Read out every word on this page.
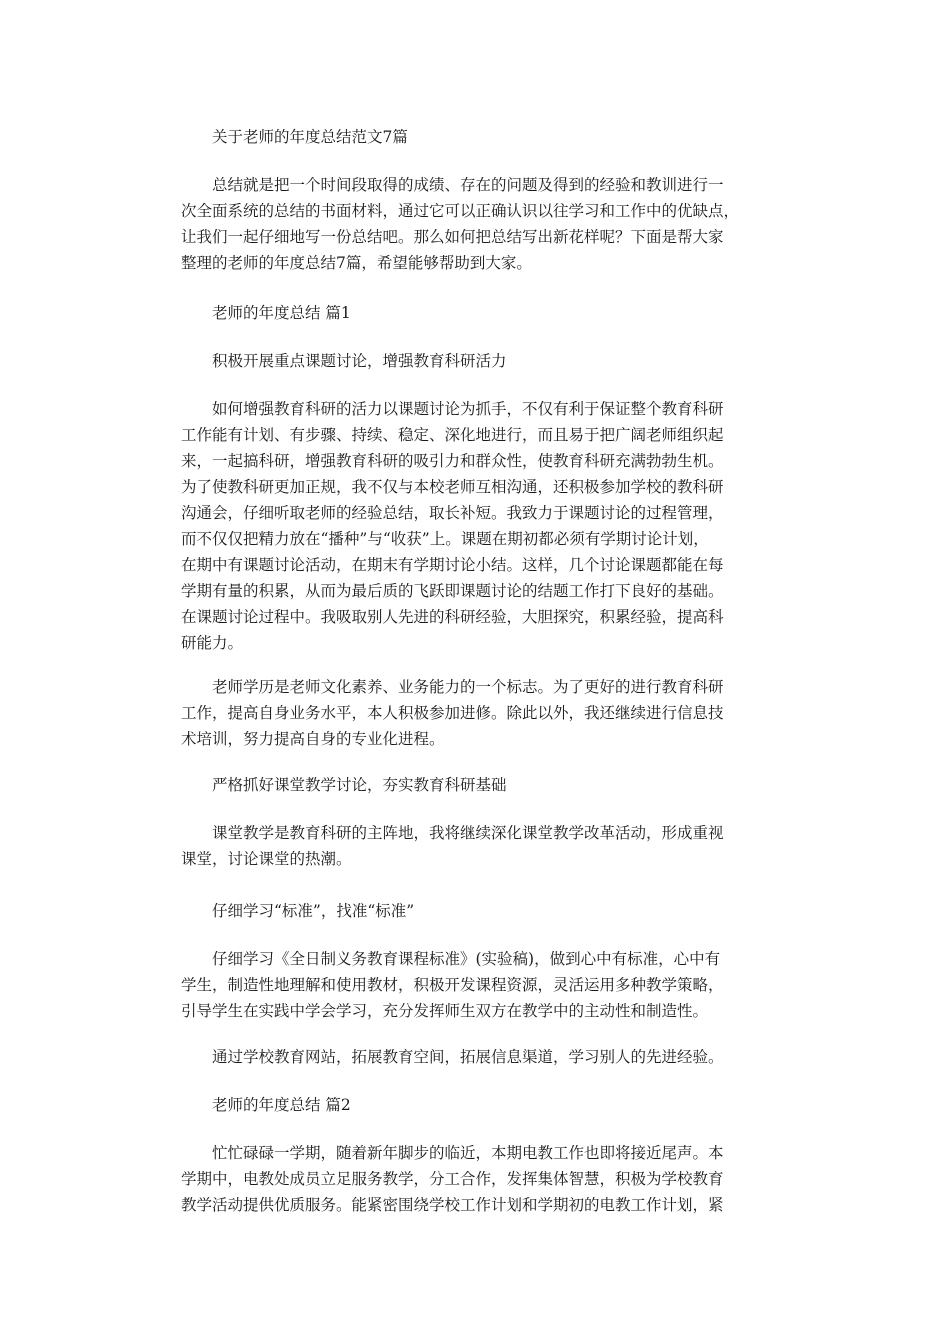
关于老师的年度总结范文7篇

总结就是把一个时间段取得的成绩、存在的问题及得到的经验和教训进行一
次全面系统的总结的书面材料，通过它可以正确认识以往学习和工作中的优缺点，
让我们一起仔细地写一份总结吧。那么如何把总结写出新花样呢？下面是帮大家
整理的老师的年度总结7篇，希望能够帮助到大家。

老师的年度总结 篇1

积极开展重点课题讨论，增强教育科研活力

如何增强教育科研的活力以课题讨论为抓手，不仅有利于保证整个教育科研
工作能有计划、有步骤、持续、稳定、深化地进行，而且易于把广阔老师组织起
来，一起搞科研，增强教育科研的吸引力和群众性，使教育科研充满勃勃生机。
为了使教科研更加正规，我不仅与本校老师互相沟通，还积极参加学校的教科研
沟通会，仔细听取老师的经验总结，取长补短。我致力于课题讨论的过程管理，
而不仅仅把精力放在“播种”与“收获”上。课题在期初都必须有学期讨论计划，
在期中有课题讨论活动，在期末有学期讨论小结。这样，几个讨论课题都能在每
学期有量的积累，从而为最后质的飞跃即课题讨论的结题工作打下良好的基础。
在课题讨论过程中。我吸取别人先进的科研经验，大胆探究，积累经验，提高科
研能力。

老师学历是老师文化素养、业务能力的一个标志。为了更好的进行教育科研
工作，提高自身业务水平，本人积极参加进修。除此以外，我还继续进行信息技
术培训，努力提高自身的专业化进程。

严格抓好课堂教学讨论，夯实教育科研基础

课堂教学是教育科研的主阵地，我将继续深化课堂教学改革活动，形成重视
课堂，讨论课堂的热潮。

仔细学习“标准”，找准“标准”

仔细学习《全日制义务教育课程标准》(实验稿)，做到心中有标准，心中有
学生，制造性地理解和使用教材，积极开发课程资源，灵活运用多种教学策略，
引导学生在实践中学会学习，充分发挥师生双方在教学中的主动性和制造性。

通过学校教育网站，拓展教育空间，拓展信息渠道，学习别人的先进经验。

老师的年度总结 篇2

忙忙碌碌一学期，随着新年脚步的临近，本期电教工作也即将接近尾声。本
学期中，电教处成员立足服务教学，分工合作，发挥集体智慧，积极为学校教育
教学活动提供优质服务。能紧密围绕学校工作计划和学期初的电教工作计划，紧
